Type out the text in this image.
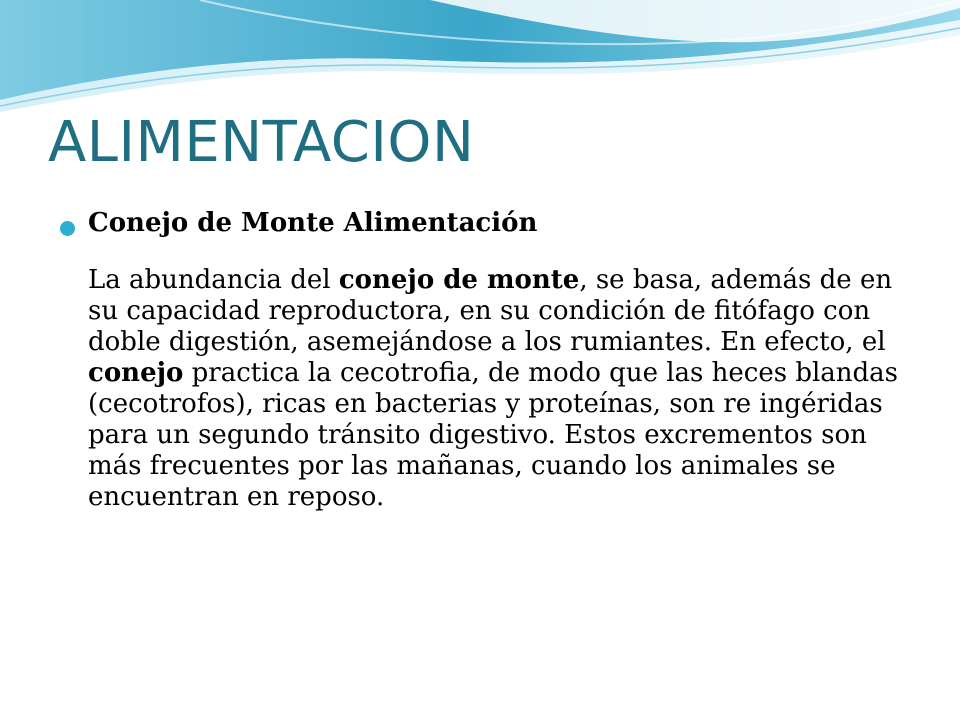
ALIMENTACION

Conejo de Monte Alimentación

La abundancia del conejo de monte, se basa, además de en su capacidad reproductora, en su condición de fitófago con doble digestión, asemejándose a los rumiantes. En efecto, el conejo practica la cecotrofia, de modo que las heces blandas (cecotrofos), ricas en bacterias y proteínas, son re ingéridas para un segundo tránsito digestivo. Estos excrementos son más frecuentes por las mañanas, cuando los animales se encuentran en reposo.
